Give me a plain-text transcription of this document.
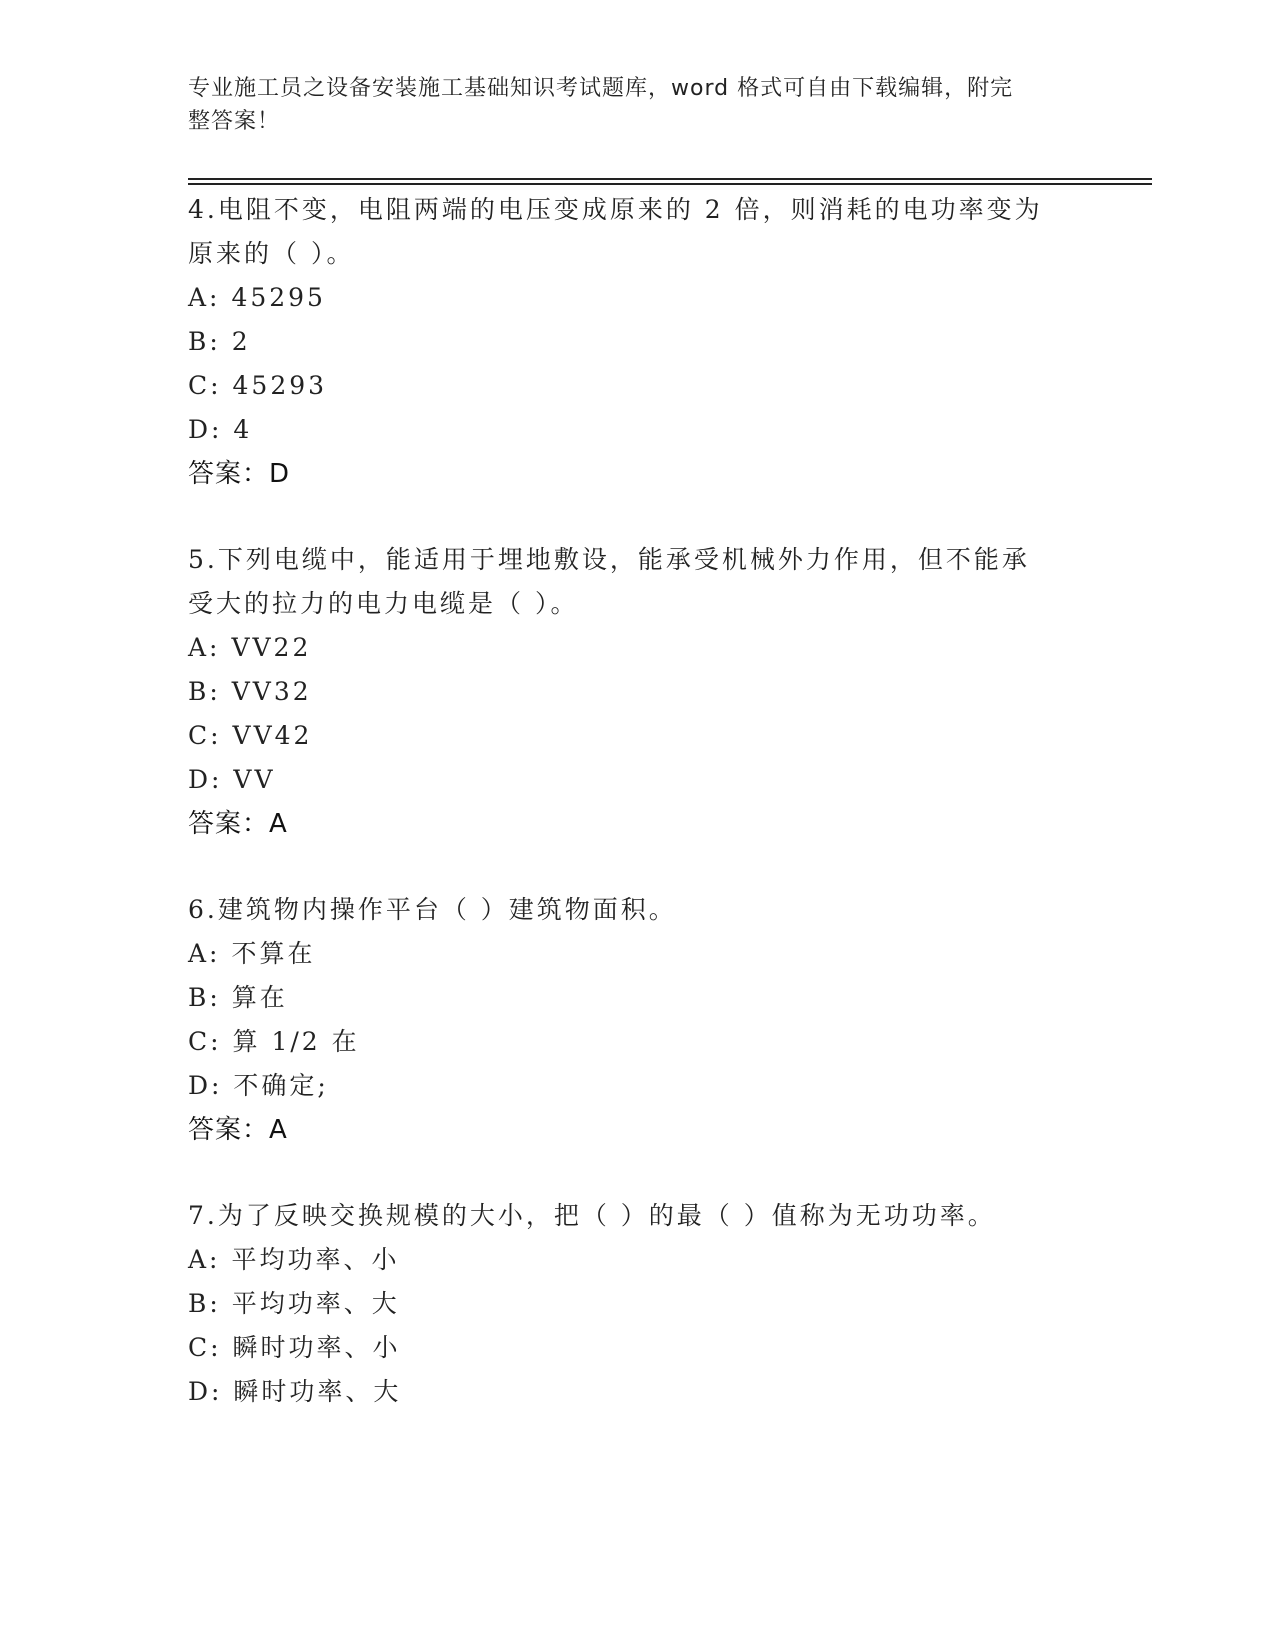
专业施工员之设备安装施工基础知识考试题库，word 格式可自由下载编辑，附完
整答案！
4.电阻不变，电阻两端的电压变成原来的 2 倍，则消耗的电功率变为
原来的（ ）。
A: 45295
B: 2
C: 45293
D: 4
答案：D
5.下列电缆中，能适用于埋地敷设，能承受机械外力作用，但不能承
受大的拉力的电力电缆是（ ）。
A: VV22
B: VV32
C: VV42
D: VV
答案：A
6.建筑物内操作平台（ ）建筑物面积。
A: 不算在
B: 算在
C: 算 1/2 在
D: 不确定;
答案：A
7.为了反映交换规模的大小，把（ ）的最（ ）值称为无功功率。
A: 平均功率、小
B: 平均功率、大
C: 瞬时功率、小
D: 瞬时功率、大
